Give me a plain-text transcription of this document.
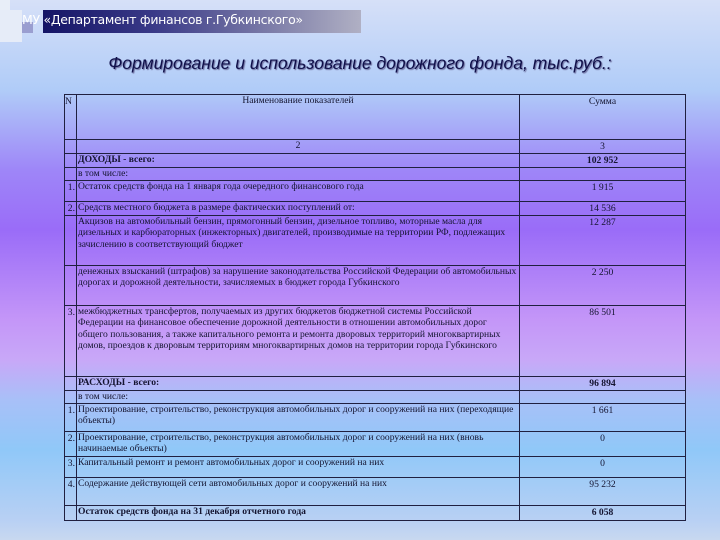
МУ «Департамент финансов г.Губкинского»
Формирование и использование дорожного фонда, тыс.руб.:
N	Наименование показателей	Сумма
	2	3
	ДОХОДЫ - всего:	102 952
	в том числе:	
1.	Остаток средств фонда на 1 января года очередного финансового года	1 915
2.	Средств местного бюджета в размере фактических поступлений от:	14 536
	Акцизов на автомобильный бензин, прямогонный бензин, дизельное топливо, моторные масла для дизельных и карбюраторных (инжекторных) двигателей, производимые на территории РФ, подлежащих зачислению в соответствующий бюджет	12 287
	денежных взысканий (штрафов) за нарушение законодательства Российской Федерации об автомобильных дорогах и дорожной деятельности, зачисляемых в бюджет города Губкинского	2 250
3.	межбюджетных трансфертов, получаемых из других бюджетов бюджетной системы Российской Федерации на финансовое обеспечение дорожной деятельности в отношении автомобильных дорог общего пользования, а также капитального ремонта и ремонта дворовых территорий многоквартирных домов, проездов к дворовым территориям многоквартирных домов на территории города Губкинского	86 501
	РАСХОДЫ - всего:	96 894
	в том числе:	
1.	Проектирование, строительство, реконструкция автомобильных дорог и сооружений на них (переходящие объекты)	1 661
2.	Проектирование, строительство, реконструкция автомобильных дорог и сооружений на них (вновь начинаемые объекты)	0
3.	Капитальный ремонт и ремонт автомобильных дорог и сооружений на них	0
4.	Содержание действующей сети автомобильных дорог и сооружений на них	95 232
	Остаток средств фонда на 31 декабря отчетного года	6 058
